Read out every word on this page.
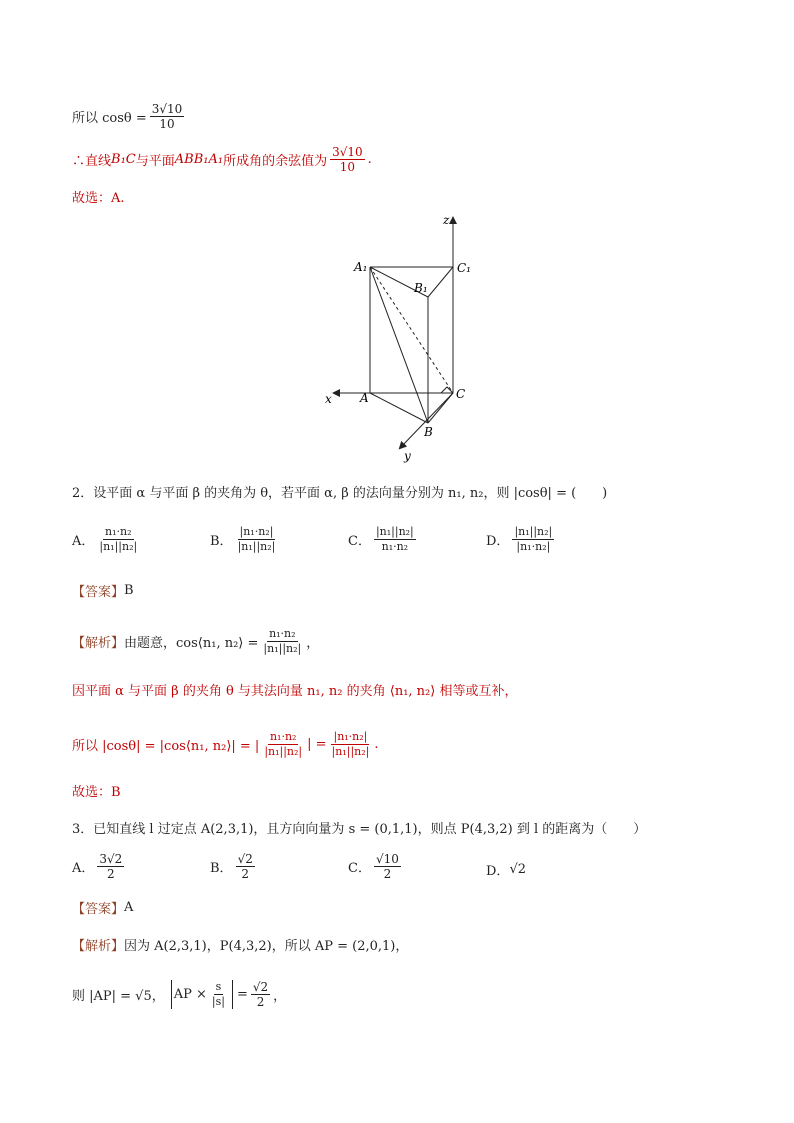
所以 $\cos\theta = \frac{3√10}{10}$
∴直线 B₁C 与平面 ABB₁A₁ 所成角的余弦值为 $\frac{3√10}{10}$ .
故选：A.
z
x
y
A₁
B₁
C₁
A
B
C
2．设平面 α 与平面 β 的夹角为 θ，若平面 α, β 的法向量分别为 n₁, n₂，则 |cosθ| = (　　)
A． $\frac{\text{n₁·n₂}}{\text{|n₁||n₂|}}$	B． $\frac{\text{|n₁·n₂|}}{\text{|n₁||n₂|}}$	C． $\frac{\text{|n₁||n₂|}}{\text{n₁·n₂}}$	D． $\frac{\text{|n₁||n₂|}}{\text{|n₁·n₂|}}$
【答案】 B
【解析】 由题意，cos⟨n₁, n₂⟩ = $\frac{\text{n₁·n₂}}{\text{|n₁||n₂|}}$ ，
因平面 α 与平面 β 的夹角 θ 与其法向量 n₁, n₂ 的夹角 ⟨n₁, n₂⟩ 相等或互补，
所以 |cosθ| = |cos⟨n₁, n₂⟩| = | $\frac{\text{n₁·n₂}}{\text{|n₁||n₂|}}$ | = $\frac{\text{|n₁·n₂|}}{\text{|n₁||n₂|}}$ .
故选：B
3．已知直线 l 过定点 A(2,3,1)，且方向向量为 s = (0,1,1)，则点 P(4,3,2) 到 l 的距离为（　　）
A． $\frac{3√2}{2}$	B． $\frac{√2}{2}$	C． $\frac{√10}{2}$	D． √2
【答案】 A
【解析】 因为 A(2,3,1)，P(4,3,2)，所以 AP = (2,0,1)，
则 |AP| = √5， AP × $\frac{s}{|s|} = \frac{√2}{2}$ ，
